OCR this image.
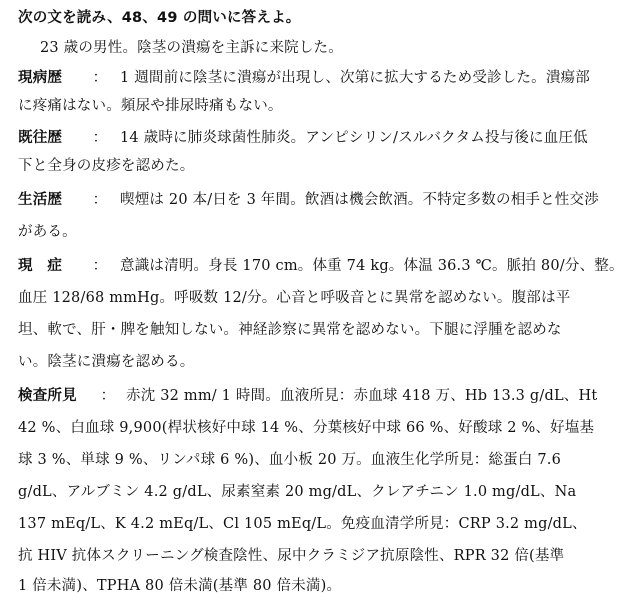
次の文を読み、48、49 の問いに答えよ。
23 歳の男性。陰茎の潰瘍を主訴に来院した。
現病歴 ： 1 週間前に陰茎に潰瘍が出現し、次第に拡大するため受診した。潰瘍部
に疼痛はない。頻尿や排尿時痛もない。
既往歴 ： 14 歳時に肺炎球菌性肺炎。アンピシリン/スルバクタム投与後に血圧低
下と全身の皮疹を認めた。
生活歴 ： 喫煙は 20 本/日を 3 年間。飲酒は機会飲酒。不特定多数の相手と性交渉
がある。
現　症 ： 意識は清明。身長 170 cm。体重 74 kg。体温 36.3 ℃。脈拍 80/分、整。
血圧 128/68 mmHg。呼吸数 12/分。心音と呼吸音とに異常を認めない。腹部は平
坦、軟で、肝・脾を触知しない。神経診察に異常を認めない。下腿に浮腫を認めな
い。陰茎に潰瘍を認める。
検査所見 ： 赤沈 32 mm/ 1 時間。血液所見：赤血球 418 万、Hb 13.3 g/dL、Ht
42 %、白血球 9,900(桿状核好中球 14 %、分葉核好中球 66 %、好酸球 2 %、好塩基
球 3 %、単球 9 %、リンパ球 6 %)、血小板 20 万。血液生化学所見：総蛋白 7.6
g/dL、アルブミン 4.2 g/dL、尿素窒素 20 mg/dL、クレアチニン 1.0 mg/dL、Na
137 mEq/L、K 4.2 mEq/L、Cl 105 mEq/L。免疫血清学所見：CRP 3.2 mg/dL、
抗 HIV 抗体スクリーニング検査陰性、尿中クラミジア抗原陰性、RPR 32 倍(基準
1 倍未満)、TPHA 80 倍未満(基準 80 倍未満)。
